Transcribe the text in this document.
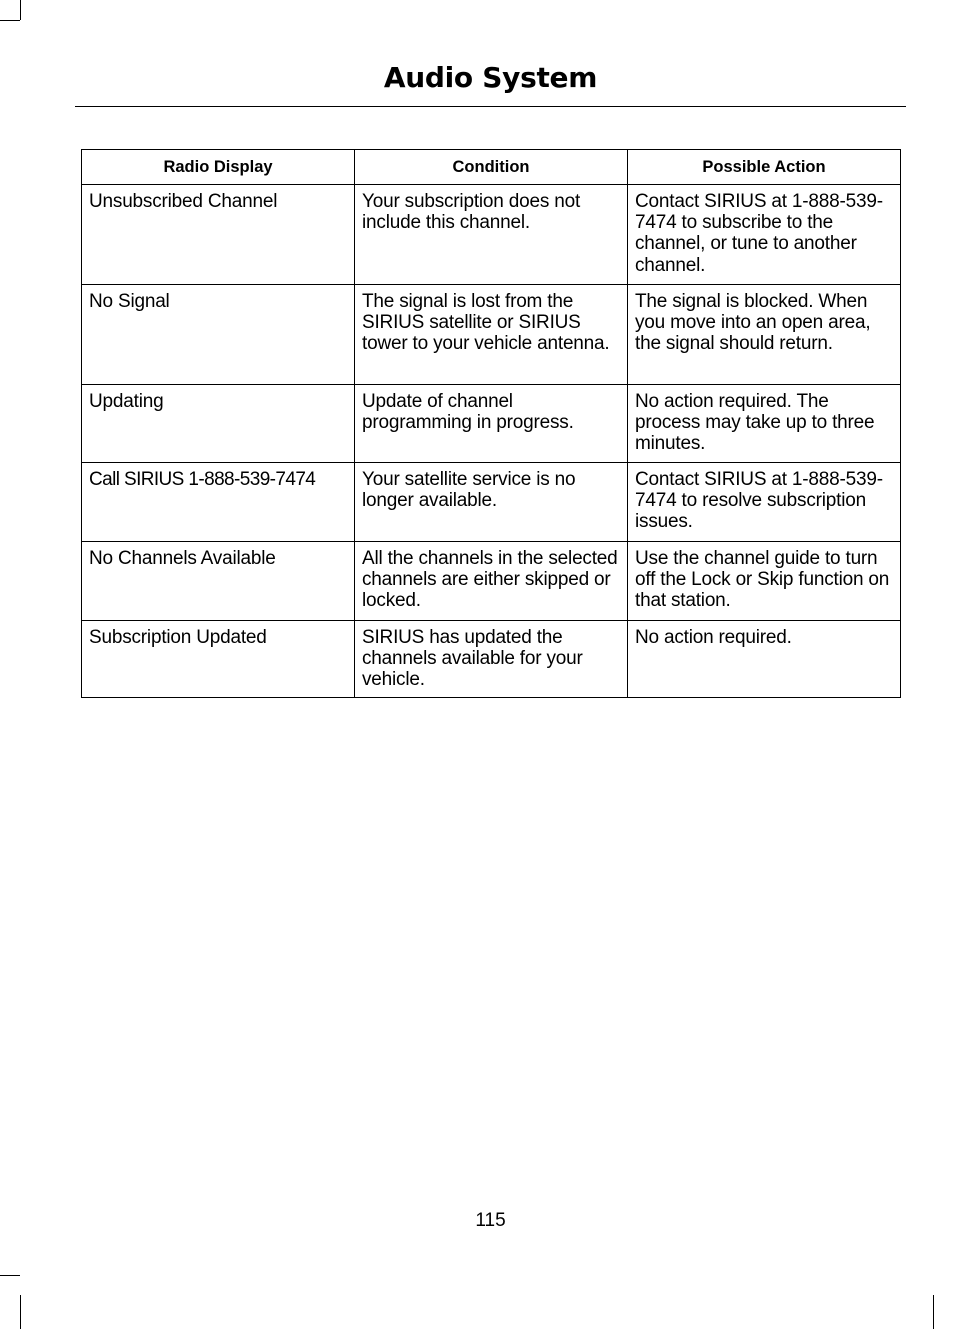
Audio System
Radio Display	Condition	Possible Action
Unsubscribed Channel	Your subscription does not include this channel.	Contact SIRIUS at 1-888-539-7474 to subscribe to the channel, or tune to another channel.
No Signal	The signal is lost from the SIRIUS satellite or SIRIUS tower to your vehicle antenna.	The signal is blocked. When you move into an open area, the signal should return.
Updating	Update of channel programming in progress.	No action required. The process may take up to three minutes.
Call SIRIUS 1-888-539-7474	Your satellite service is no longer available.	Contact SIRIUS at 1-888-539-7474 to resolve subscription issues.
No Channels Available	All the channels in the selected channels are either skipped or locked.	Use the channel guide to turn off the Lock or Skip function on that station.
Subscription Updated	SIRIUS has updated the channels available for your vehicle.	No action required.
115
